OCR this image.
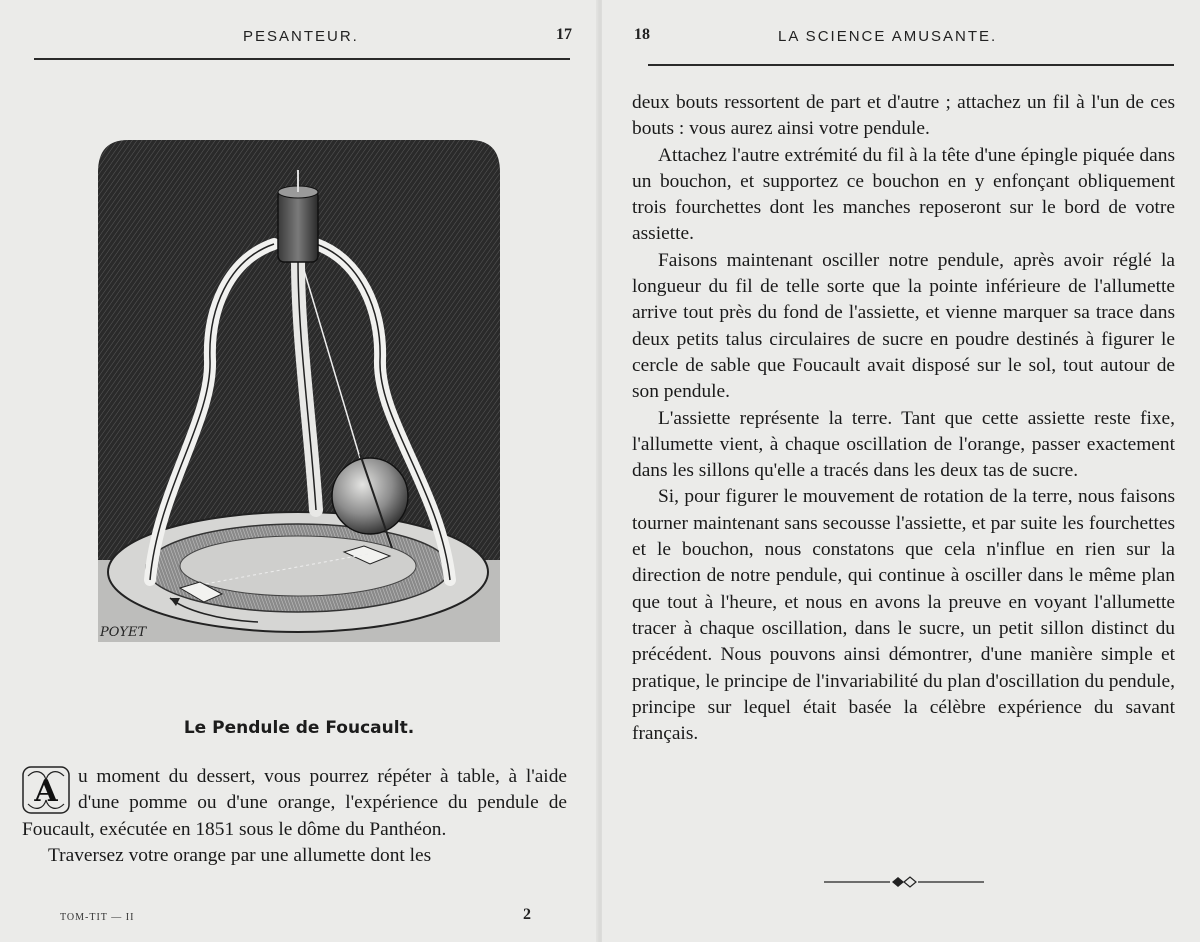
PESANTEUR.	17
POYET
Le Pendule de Foucault.

A u moment du dessert, vous pourrez répéter à table, à l'aide d'une pomme ou d'une orange, l'expérience du pendule de Foucault, exécutée en 1851 sous le dôme du Panthéon.

Traversez votre orange par une allumette dont les

TOM-TIT — II	2
18	LA SCIENCE AMUSANTE.

deux bouts ressortent de part et d'autre ; attachez un fil à l'un de ces bouts : vous aurez ainsi votre pendule.

Attachez l'autre extrémité du fil à la tête d'une épingle piquée dans un bouchon, et supportez ce bouchon en y enfonçant obliquement trois fourchettes dont les manches reposeront sur le bord de votre assiette.

Faisons maintenant osciller notre pendule, après avoir réglé la longueur du fil de telle sorte que la pointe inférieure de l'allumette arrive tout près du fond de l'assiette, et vienne marquer sa trace dans deux petits talus circulaires de sucre en poudre destinés à figurer le cercle de sable que Foucault avait disposé sur le sol, tout autour de son pendule.

L'assiette représente la terre. Tant que cette assiette reste fixe, l'allumette vient, à chaque oscillation de l'orange, passer exactement dans les sillons qu'elle a tracés dans les deux tas de sucre.

Si, pour figurer le mouvement de rotation de la terre, nous faisons tourner maintenant sans secousse l'assiette, et par suite les fourchettes et le bouchon, nous constatons que cela n'influe en rien sur la direction de notre pendule, qui continue à osciller dans le même plan que tout à l'heure, et nous en avons la preuve en voyant l'allumette tracer à chaque oscillation, dans le sucre, un petit sillon distinct du précédent. Nous pouvons ainsi démontrer, d'une manière simple et pratique, le principe de l'invariabilité du plan d'oscillation du pendule, principe sur lequel était basée la célèbre expérience du savant français.
